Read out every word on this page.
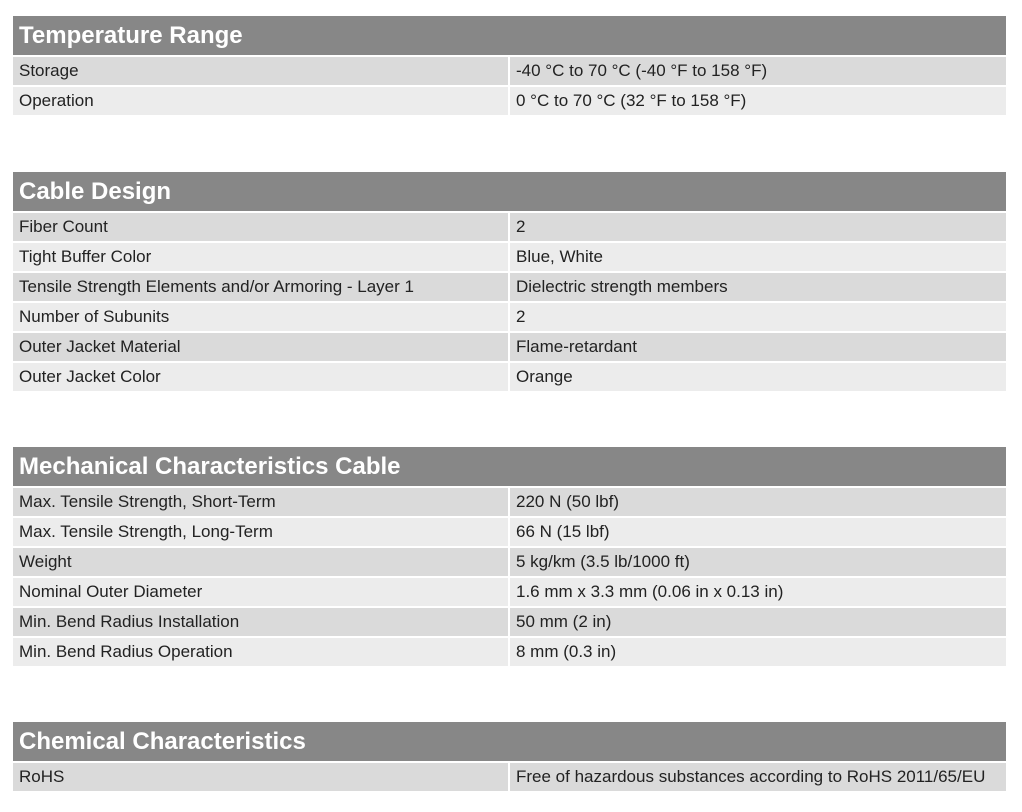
Temperature Range
Storage	-40 °C to 70 °C (-40 °F to 158 °F)
Operation	0 °C to 70 °C (32 °F to 158 °F)
Cable Design
Fiber Count	2
Tight Buffer Color	Blue, White
Tensile Strength Elements and/or Armoring - Layer 1	Dielectric strength members
Number of Subunits	2
Outer Jacket Material	Flame-retardant
Outer Jacket Color	Orange
Mechanical Characteristics Cable
Max. Tensile Strength, Short-Term	220 N (50 lbf)
Max. Tensile Strength, Long-Term	66 N (15 lbf)
Weight	5 kg/km (3.5 lb/1000 ft)
Nominal Outer Diameter	1.6 mm x 3.3 mm (0.06 in x 0.13 in)
Min. Bend Radius Installation	50 mm (2 in)
Min. Bend Radius Operation	8 mm (0.3 in)
Chemical Characteristics
RoHS	Free of hazardous substances according to RoHS 2011/65/EU
